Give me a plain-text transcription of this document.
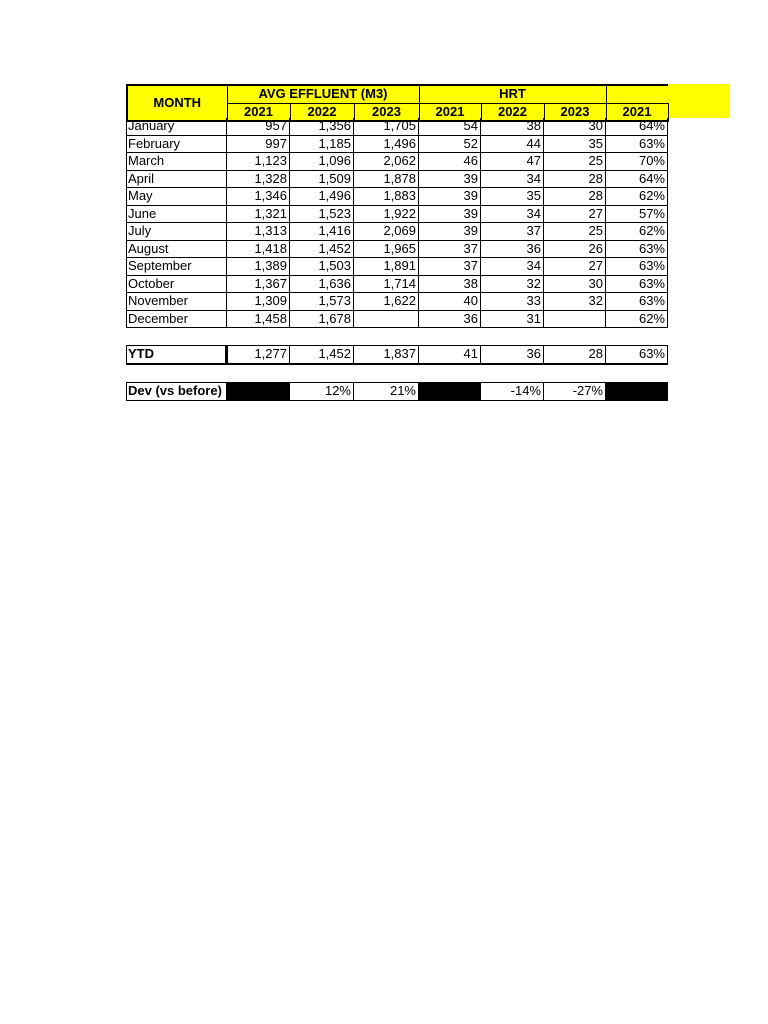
MONTH	AVG EFFLUENT (M3)			HRT			
	2021	2022	2023	2021	2022	2023	2021
January	957	1,356	1,705	54	38	30	64%
February	997	1,185	1,496	52	44	35	63%
March	1,123	1,096	2,062	46	47	25	70%
April	1,328	1,509	1,878	39	34	28	64%
May	1,346	1,496	1,883	39	35	28	62%
June	1,321	1,523	1,922	39	34	27	57%
July	1,313	1,416	2,069	39	37	25	62%
August	1,418	1,452	1,965	37	36	26	63%
September	1,389	1,503	1,891	37	34	27	63%
October	1,367	1,636	1,714	38	32	30	63%
November	1,309	1,573	1,622	40	33	32	63%
December	1,458	1,678		36	31		62%
YTD	1,277	1,452	1,837	41	36	28	63%
Dev (vs before)		12%	21%		-14%	-27%	
